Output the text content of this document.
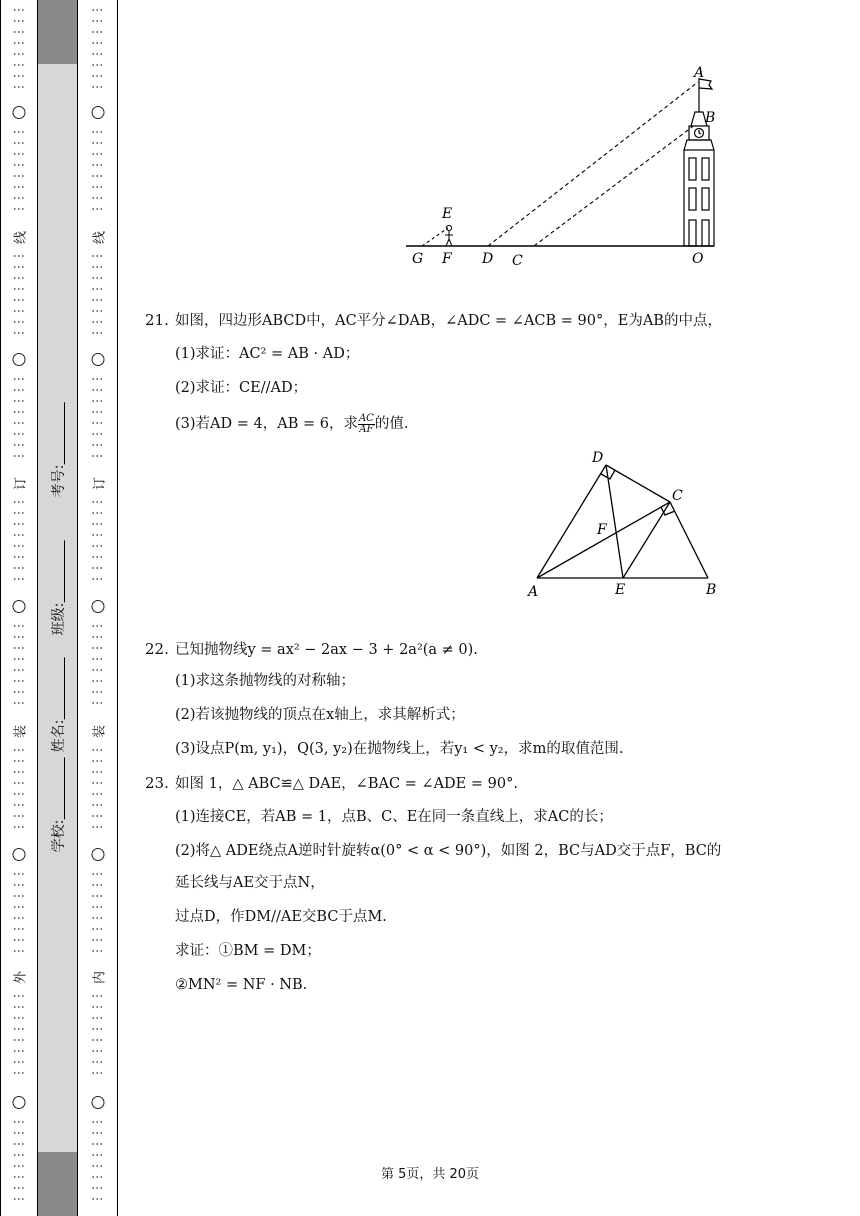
⋮⋮⋮⋮⋮⋮⋮⋮
⋮⋮⋮⋮⋮⋮⋮⋮
线
⋮⋮⋮⋮⋮⋮⋮⋮
⋮⋮⋮⋮⋮⋮⋮⋮
订
⋮⋮⋮⋮⋮⋮⋮⋮
⋮⋮⋮⋮⋮⋮⋮⋮
装
⋮⋮⋮⋮⋮⋮⋮⋮
⋮⋮⋮⋮⋮⋮⋮⋮
外
⋮⋮⋮⋮⋮⋮⋮⋮
⋮⋮⋮⋮⋮⋮⋮⋮
考号:
班级:
姓名:
学校:
⋮⋮⋮⋮⋮⋮⋮⋮
⋮⋮⋮⋮⋮⋮⋮⋮
线
⋮⋮⋮⋮⋮⋮⋮⋮
⋮⋮⋮⋮⋮⋮⋮⋮
订
⋮⋮⋮⋮⋮⋮⋮⋮
⋮⋮⋮⋮⋮⋮⋮⋮
装
⋮⋮⋮⋮⋮⋮⋮⋮
⋮⋮⋮⋮⋮⋮⋮⋮
内
⋮⋮⋮⋮⋮⋮⋮⋮
⋮⋮⋮⋮⋮⋮⋮⋮
A
B
E
G F D C	O
21. 如图，四边形ABCD中，AC平分∠DAB，∠ADC = ∠ACB = 90°，E为AB的中点，
(1)求证：AC² = AB · AD；
(2)求证：CE//AD；
(3)若AD = 4，AB = 6，求 $\frac{AC}{AF}$ 的值.
22. 已知抛物线y = ax² − 2ax − 3 + 2a²(a ≠ 0).
(1)求这条抛物线的对称轴；
(2)若该抛物线的顶点在x轴上，求其解析式；
(3)设点P(m, y₁)，Q(3, y₂)在抛物线上，若y₁ < y₂，求m的取值范围.
23. 如图 1，△ ABC≌△ DAE，∠BAC = ∠ADE = 90°.
(1)连接CE，若AB = 1，点B、C、E在同一条直线上，求AC的长；
(2)将△ ADE绕点A逆时针旋转α(0° < α < 90°)，如图 2，BC与AD交于点F，BC的
延长线与AE交于点N，
过点D，作DM//AE交BC于点M.
求证：①BM = DM；
②MN² = NF · NB.
D
C
F
A	E	B
第 5页，共 20页
